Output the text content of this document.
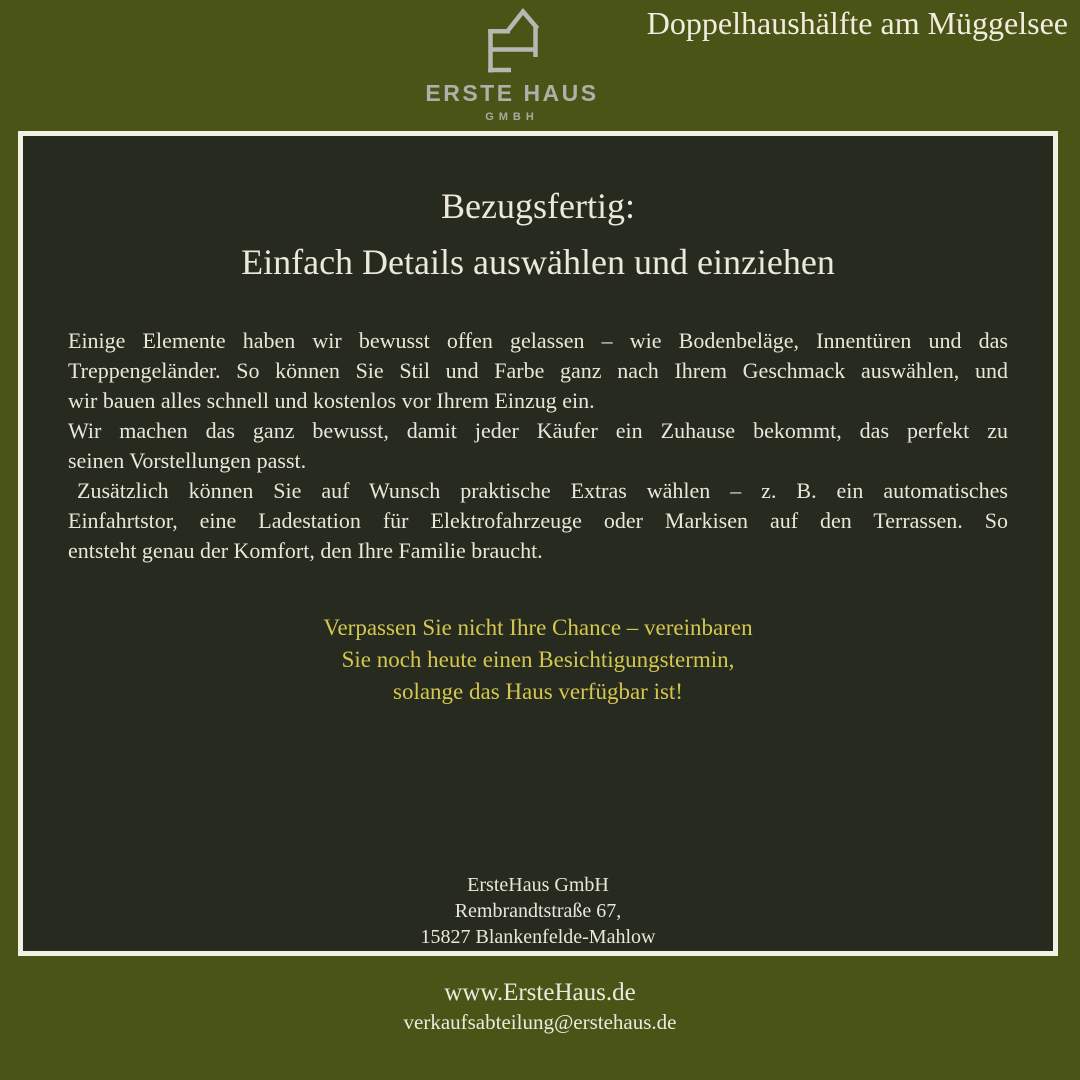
ERSTE HAUS
GMBH
Doppelhaushälfte am Müggelsee
Bezugsfertig:
Einfach Details auswählen und einziehen

Einige Elemente haben wir bewusst offen gelassen – wie Bodenbeläge, Innentüren und das
Treppengeländer. So können Sie Stil und Farbe ganz nach Ihrem Geschmack auswählen, und
wir bauen alles schnell und kostenlos vor Ihrem Einzug ein.

Wir machen das ganz bewusst, damit jeder Käufer ein Zuhause bekommt, das perfekt zu
seinen Vorstellungen passt.

Zusätzlich können Sie auf Wunsch praktische Extras wählen – z. B. ein automatisches
Einfahrtstor, eine Ladestation für Elektrofahrzeuge oder Markisen auf den Terrassen. So
entsteht genau der Komfort, den Ihre Familie braucht.

Verpassen Sie nicht Ihre Chance – vereinbaren
Sie noch heute einen Besichtigungstermin,
solange das Haus verfügbar ist!
ErsteHaus GmbH
Rembrandtstraße 67,
15827 Blankenfelde-Mahlow
www.ErsteHaus.de
verkaufsabteilung@erstehaus.de
